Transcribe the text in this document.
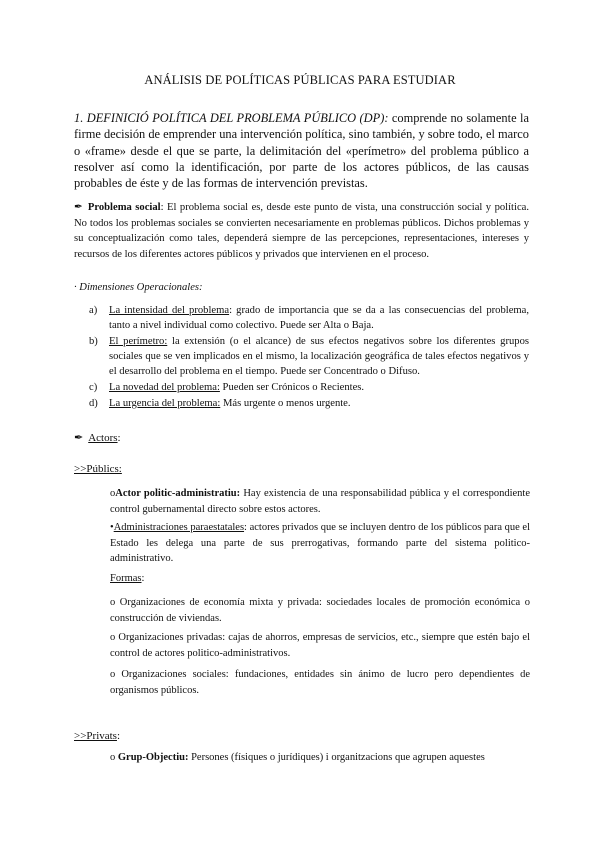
ANÁLISIS DE POLÍTICAS PÚBLICAS PARA ESTUDIAR
1. DEFINICIÓ POLÍTICA DEL PROBLEMA PÚBLICO (DP): comprende no solamente la firme decisión de emprender una intervención política, sino también, y sobre todo, el marco o «frame» desde el que se parte, la delimitación del «perímetro» del problema público a resolver así como la identificación, por parte de los actores públicos, de las causas probables de éste y de las formas de intervención previstas.
✒ Problema social: El problema social es, desde este punto de vista, una construcción social y política. No todos los problemas sociales se convierten necesariamente en problemas públicos. Dichos problemas y su conceptualización como tales, dependerá siempre de las percepciones, representaciones, intereses y recursos de los diferentes actores públicos y privados que intervienen en el proceso.
· Dimensiones Operacionales:
a)	La intensidad del problema: grado de importancia que se da a las consecuencias del problema, tanto a nivel individual como colectivo. Puede ser Alta o Baja.
b)	El perímetro: la extensión (o el alcance) de sus efectos negativos sobre los diferentes grupos sociales que se ven implicados en el mismo, la localización geográfica de tales efectos negativos y el desarrollo del problema en el tiempo. Puede ser Concentrado o Difuso.
c)	La novedad del problema: Pueden ser Crónicos o Recientes.
d)	La urgencia del problema: Más urgente o menos urgente.
✒ Actors:
>>Públics:
oActor politic-administratiu: Hay existencia de una responsabilidad pública y el correspondiente control gubernamental directo sobre estos actores.
•Administraciones paraestatales: actores privados que se incluyen dentro de los públicos para que el Estado les delega una parte de sus prerrogativas, formando parte del sistema politico-administrativo.
Formas:
o Organizaciones de economía mixta y privada: sociedades locales de promoción económica o construcción de viviendas.
o Organizaciones privadas: cajas de ahorros, empresas de servicios, etc., siempre que estén bajo el control de actores politico-administrativos.
o Organizaciones sociales: fundaciones, entidades sin ánimo de lucro pero dependientes de organismos públicos.
>>Privats:
o Grup-Objectiu: Persones (físiques o jurídiques) i organitzacions que agrupen aquestes
